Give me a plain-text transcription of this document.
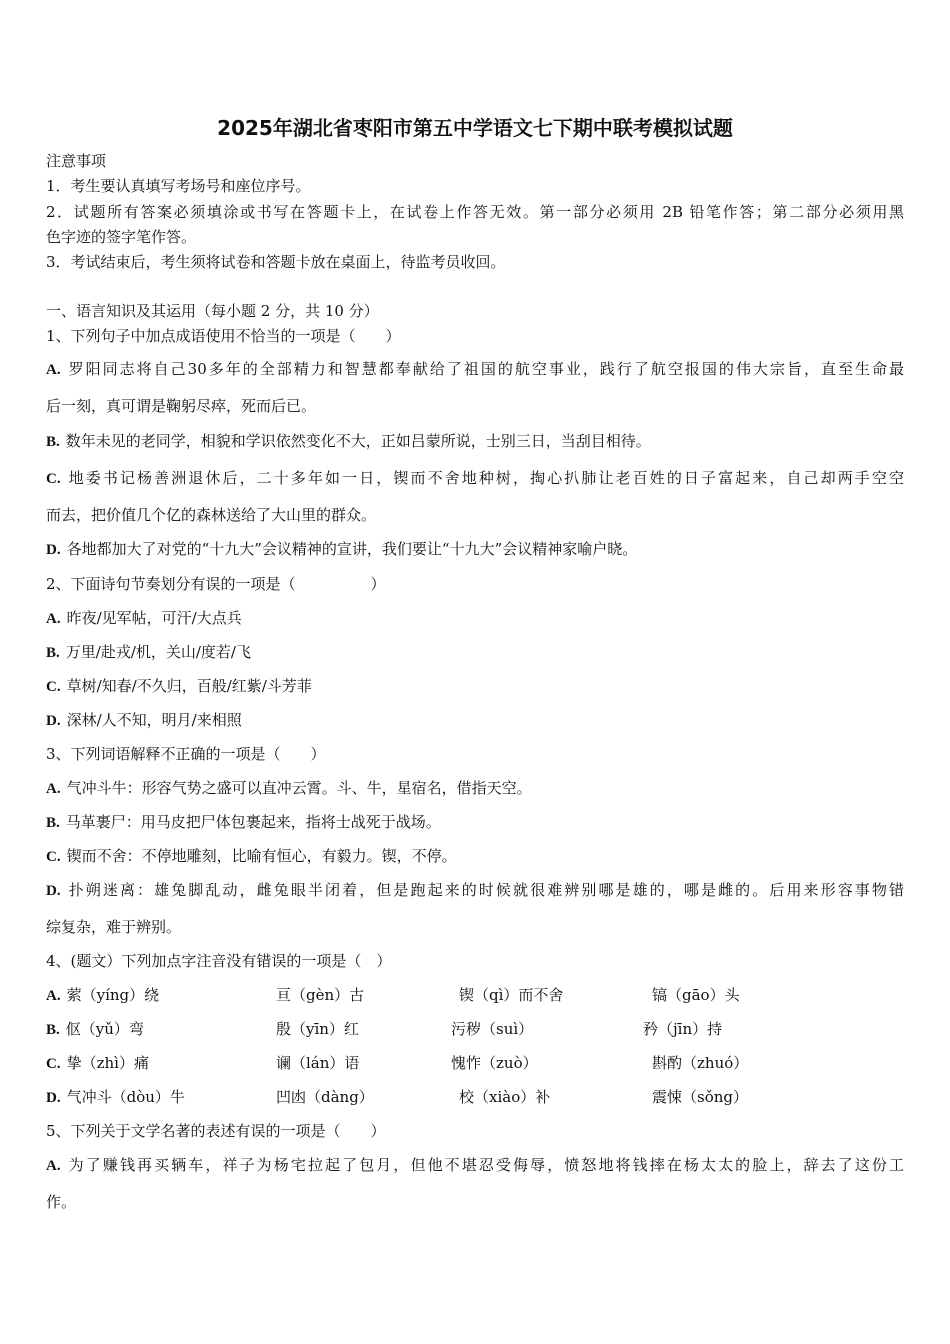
2025年湖北省枣阳市第五中学语文七下期中联考模拟试题
注意事项
1．考生要认真填写考场号和座位序号。
2．试题所有答案必须填涂或书写在答题卡上，在试卷上作答无效。第一部分必须用 2B 铅笔作答；第二部分必须用黑
色字迹的签字笔作答。
3．考试结束后，考生须将试卷和答题卡放在桌面上，待监考员收回。
一、语言知识及其运用（每小题 2 分，共 10 分）
1、下列句子中加点成语使用不恰当的一项是（　　）
A. 罗阳同志将自己30多年的全部精力和智慧都奉献给了祖国的航空事业，践行了航空报国的伟大宗旨，直至生命最
后一刻，真可谓是鞠躬尽瘁，死而后已。
B. 数年未见的老同学，相貌和学识依然变化不大，正如吕蒙所说，士别三日，当刮目相待。
C. 地委书记杨善洲退休后，二十多年如一日，锲而不舍地种树，掏心扒肺让老百姓的日子富起来，自己却两手空空
而去，把价值几个亿的森林送给了大山里的群众。
D. 各地都加大了对党的“十九大”会议精神的宣讲，我们要让“十九大”会议精神家喻户晓。
2、下面诗句节奏划分有误的一项是（　　　　　）
A. 昨夜/见军帖，可汗/大点兵
B. 万里/赴戎/机，关山/度若/飞
C. 草树/知春/不久归，百般/红紫/斗芳菲
D. 深林/人不知，明月/来相照
3、下列词语解释不正确的一项是（　　）
A. 气冲斗牛：形容气势之盛可以直冲云霄。斗、牛，星宿名，借指天空。
B. 马革裹尸：用马皮把尸体包裹起来，指将士战死于战场。
C. 锲而不舍：不停地雕刻，比喻有恒心，有毅力。锲，不停。
D. 扑朔迷离：雄兔脚乱动，雌兔眼半闭着，但是跑起来的时候就很难辨别哪是雄的，哪是雌的。后用来形容事物错
综复杂，难于辨别。
4、(题文）下列加点字注音没有错误的一项是（　）
A. 萦（yíng）绕	亘（gèn）古	锲（qì）而不舍	镐（gāo）头
B. 伛（yǔ）弯	殷（yīn）红	污秽（suì）	矜（jīn）持
C. 挚（zhì）痛	谰（lán）语	愧怍（zuò）	斟酌（zhuó）
D. 气冲斗（dòu）牛	凹凼（dàng）	校（xiào）补	震悚（sǒng）
5、下列关于文学名著的表述有误的一项是（　　）
A. 为了赚钱再买辆车，祥子为杨宅拉起了包月，但他不堪忍受侮辱，愤怒地将钱摔在杨太太的脸上，辞去了这份工
作。
